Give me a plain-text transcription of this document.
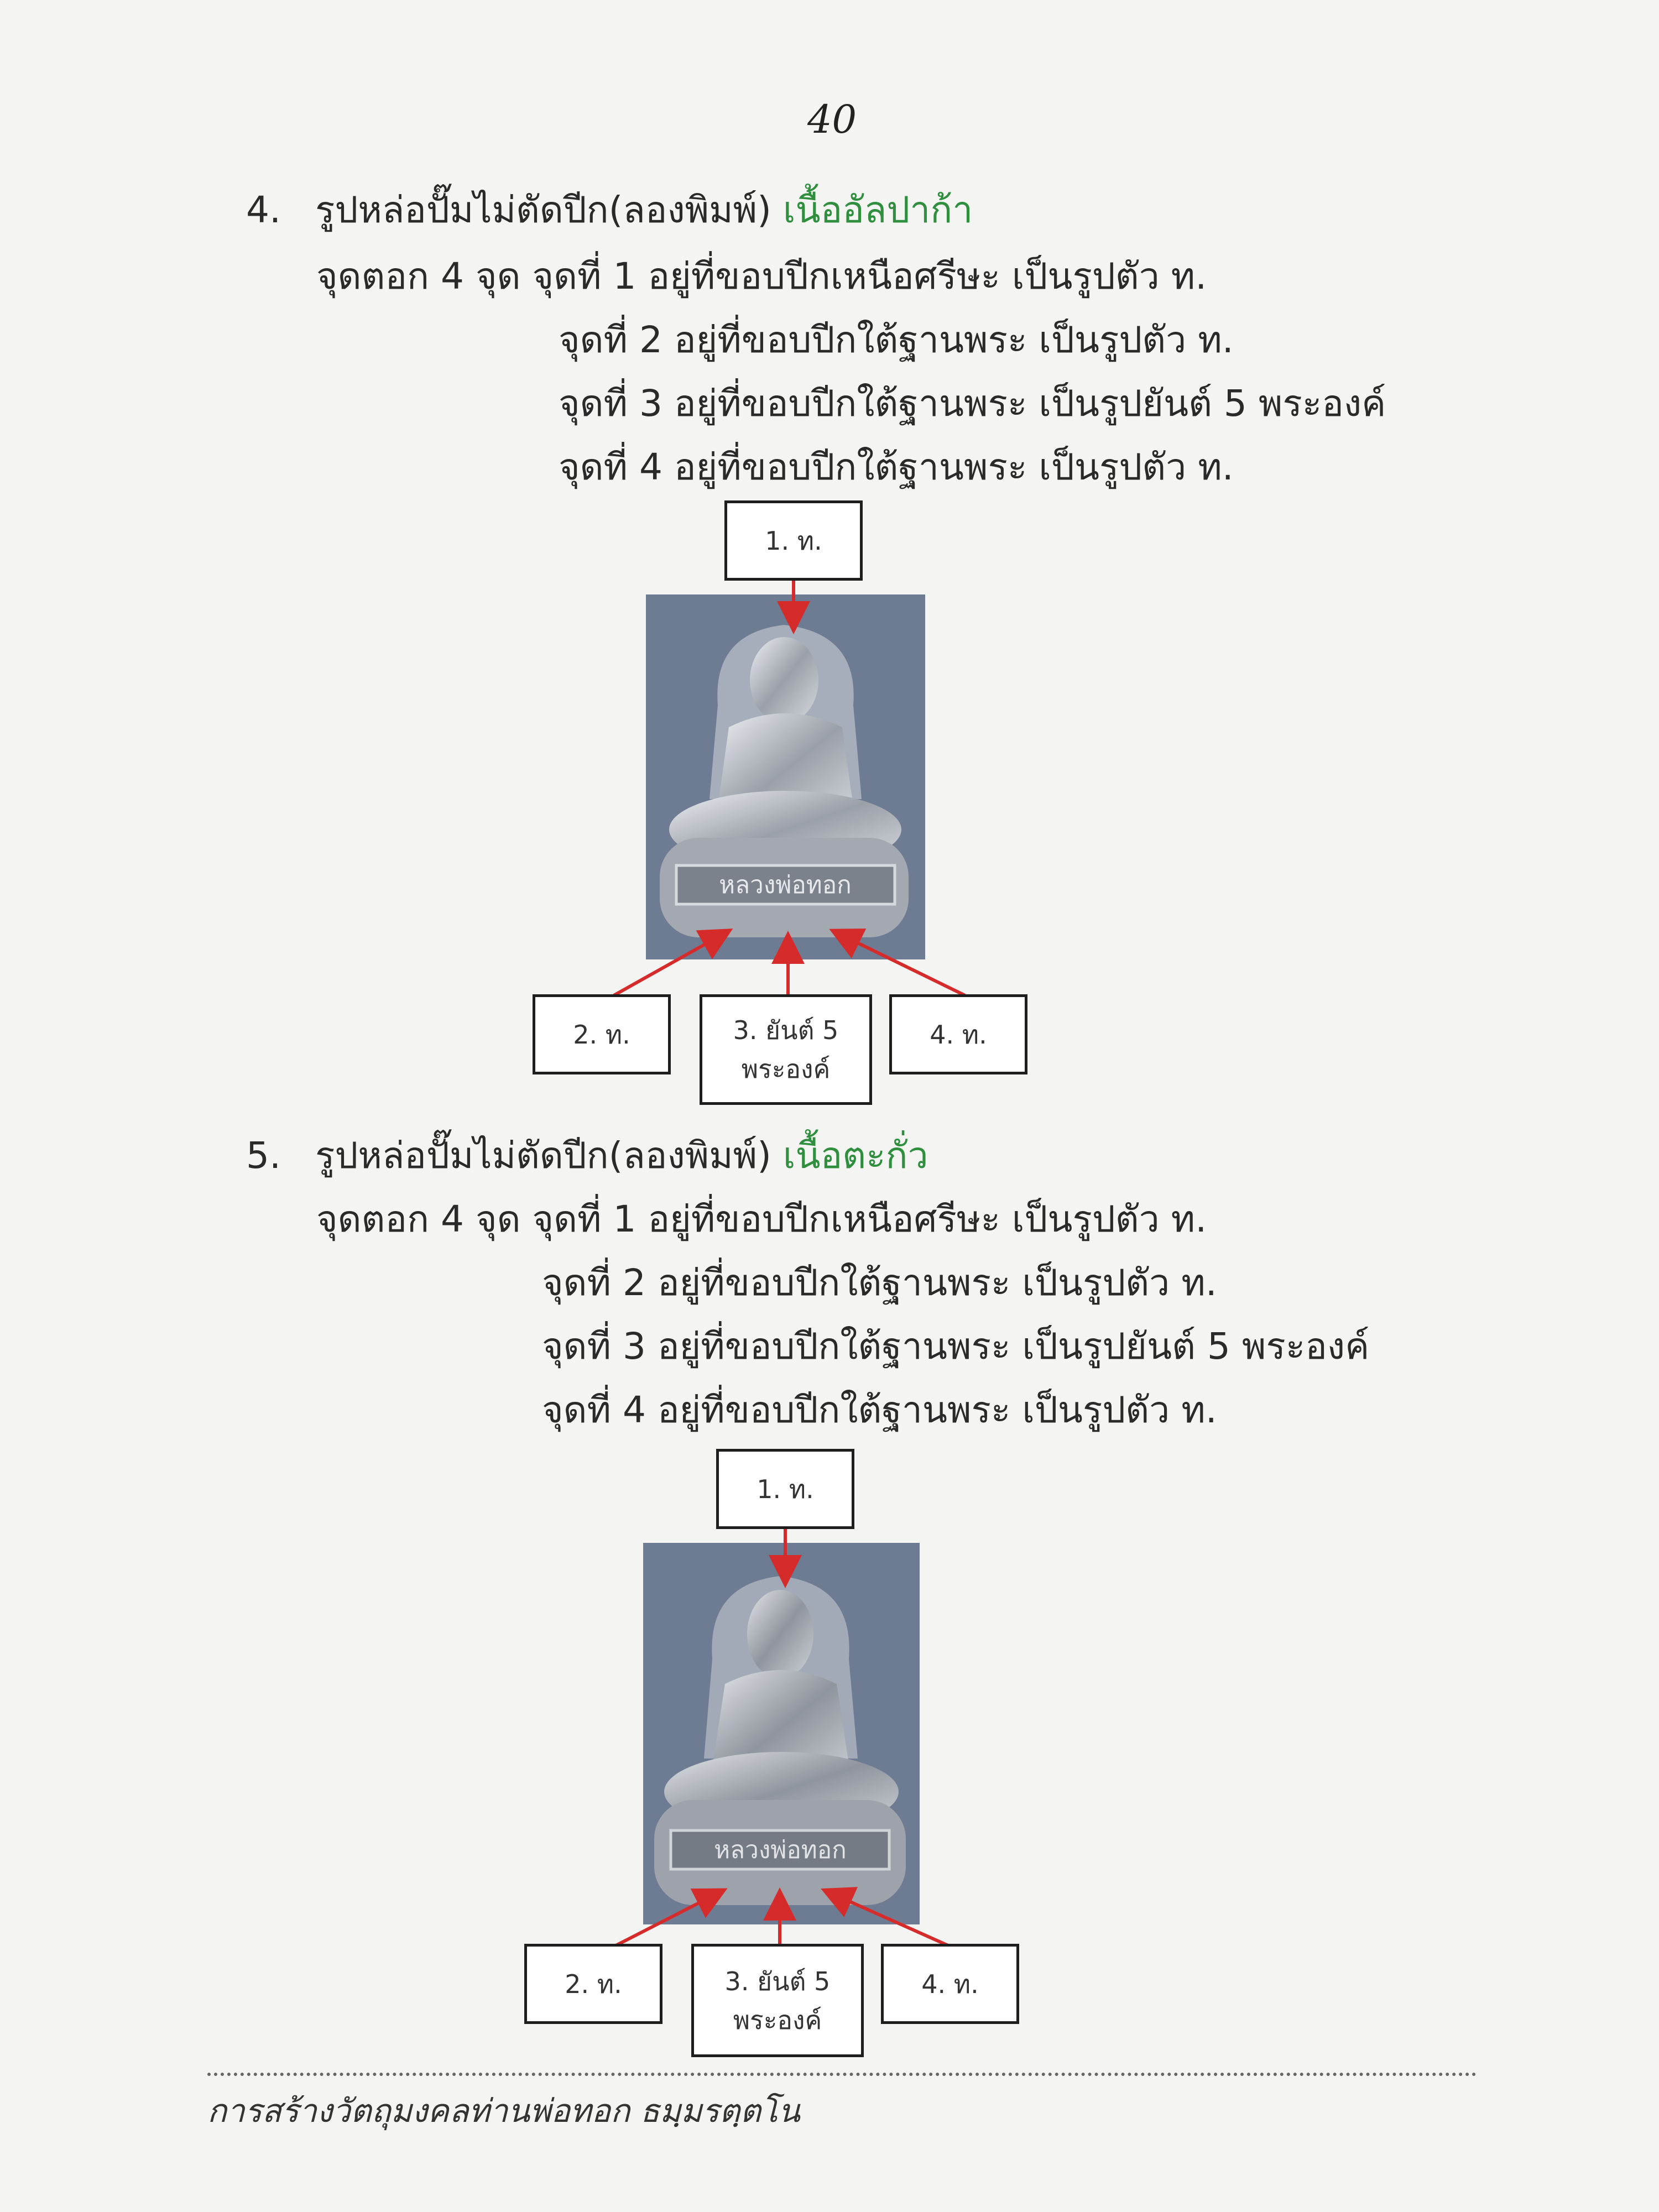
40
4. รูปหล่อปั๊มไม่ตัดปีก(ลองพิมพ์) เนื้ออัลปาก้า
จุดตอก 4 จุด จุดที่ 1 อยู่ที่ขอบปีกเหนือศรีษะ เป็นรูปตัว ท.
จุดที่ 2 อยู่ที่ขอบปีกใต้ฐานพระ เป็นรูปตัว ท.
จุดที่ 3 อยู่ที่ขอบปีกใต้ฐานพระ เป็นรูปยันต์ 5 พระองค์
จุดที่ 4 อยู่ที่ขอบปีกใต้ฐานพระ เป็นรูปตัว ท.
1. ท.
หลวงพ่อทอก
2. ท.	3. ยันต์ 5
พระองค์
4. ท.
5. รูปหล่อปั๊มไม่ตัดปีก(ลองพิมพ์) เนื้อตะกั่ว
จุดตอก 4 จุด จุดที่ 1 อยู่ที่ขอบปีกเหนือศรีษะ เป็นรูปตัว ท.
จุดที่ 2 อยู่ที่ขอบปีกใต้ฐานพระ เป็นรูปตัว ท.
จุดที่ 3 อยู่ที่ขอบปีกใต้ฐานพระ เป็นรูปยันต์ 5 พระองค์
จุดที่ 4 อยู่ที่ขอบปีกใต้ฐานพระ เป็นรูปตัว ท.
1. ท.
หลวงพ่อทอก
2. ท.	3. ยันต์ 5
พระองค์
4. ท.
การสร้างวัตถุมงคลท่านพ่อทอก ธมฺมรตฺตโน
